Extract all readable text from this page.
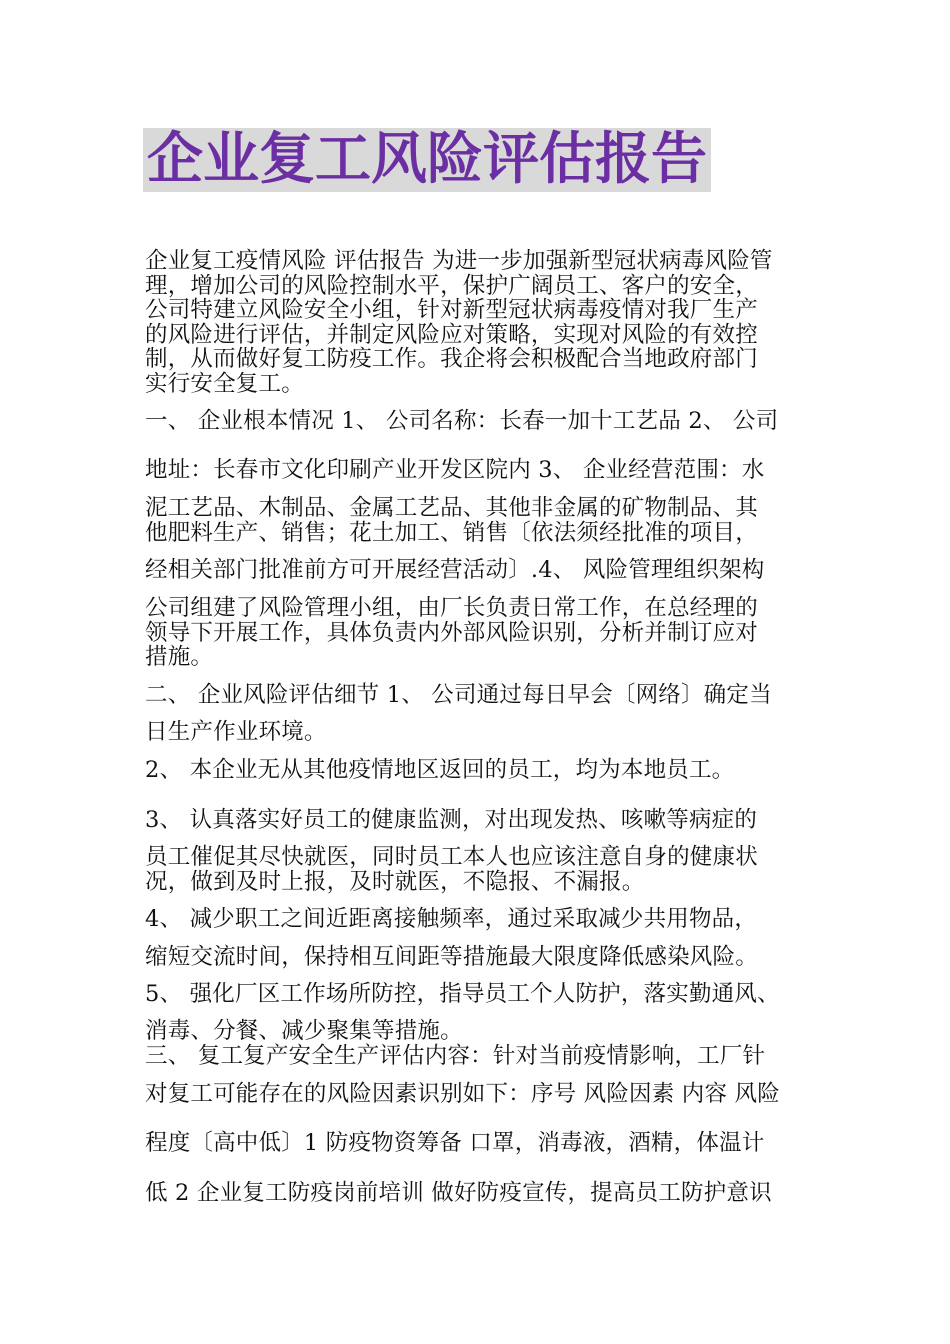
企业复工风险评估报告

企业复工疫情风险 评估报告 为进一步加强新型冠状病毒风险管

理，增加公司的风险控制水平，保护广阔员工、客户的安全，

公司特建立风险安全小组，针对新型冠状病毒疫情对我厂生产

的风险进行评估，并制定风险应对策略，实现对风险的有效控

制，从而做好复工防疫工作。我企将会积极配合当地政府部门

实行安全复工。

一、 企业根本情况 1、 公司名称：长春一加十工艺品 2、 公司

地址：长春市文化印刷产业开发区院内 3、 企业经营范围：水

泥工艺品、木制品、金属工艺品、其他非金属的矿物制品、其

他肥料生产、销售；花土加工、销售〔依法须经批准的项目，

经相关部门批准前方可开展经营活动〕.4、 风险管理组织架构

公司组建了风险管理小组，由厂长负责日常工作，在总经理的

领导下开展工作，具体负责内外部风险识别，分析并制订应对

措施。

二、 企业风险评估细节 1、 公司通过每日早会〔网络〕确定当

日生产作业环境。

2、 本企业无从其他疫情地区返回的员工，均为本地员工。

3、 认真落实好员工的健康监测，对出现发热、咳嗽等病症的

员工催促其尽快就医，同时员工本人也应该注意自身的健康状

况，做到及时上报，及时就医，不隐报、不漏报。

4、 减少职工之间近距离接触频率，通过采取减少共用物品，

缩短交流时间，保持相互间距等措施最大限度降低感染风险。

5、 强化厂区工作场所防控，指导员工个人防护，落实勤通风、

消毒、分餐、减少聚集等措施。

三、 复工复产安全生产评估内容：针对当前疫情影响，工厂针

对复工可能存在的风险因素识别如下：序号 风险因素 内容 风险

程度〔高中低〕1 防疫物资筹备 口罩，消毒液，酒精，体温计

低 2 企业复工防疫岗前培训 做好防疫宣传，提高员工防护意识
